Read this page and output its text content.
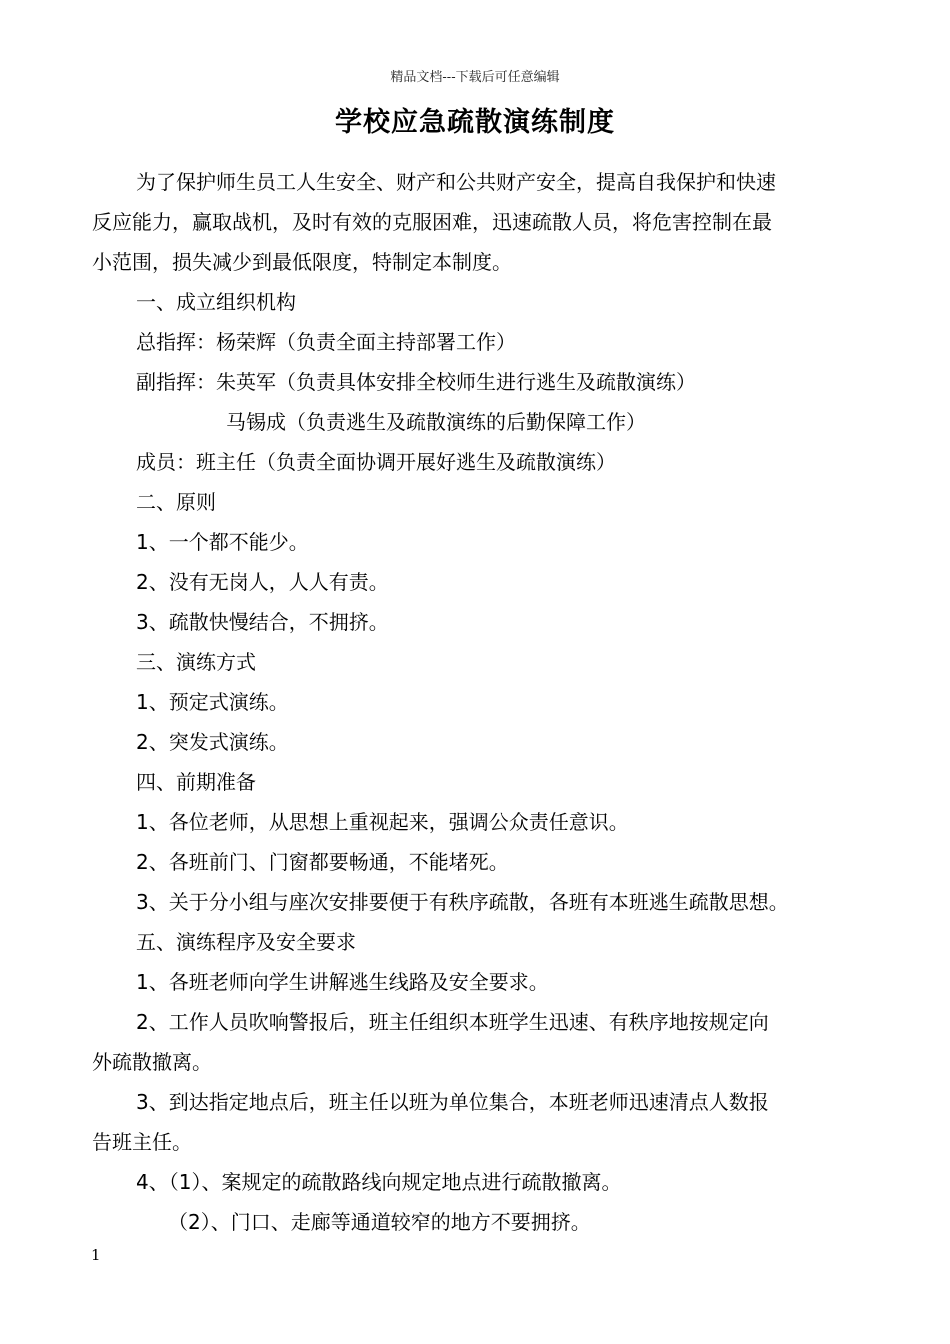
精品文档---下载后可任意编辑
学校应急疏散演练制度
为了保护师生员工人生安全、财产和公共财产安全，提高自我保护和快速
反应能力，赢取战机，及时有效的克服困难，迅速疏散人员，将危害控制在最
小范围，损失减少到最低限度，特制定本制度。
一、成立组织机构
总指挥：杨荣辉（负责全面主持部署工作）
副指挥：朱英军（负责具体安排全校师生进行逃生及疏散演练）
马锡成（负责逃生及疏散演练的后勤保障工作）
成员：班主任（负责全面协调开展好逃生及疏散演练）
二、原则
1、一个都不能少。
2、没有无岗人，人人有责。
3、疏散快慢结合，不拥挤。
三、演练方式
1、预定式演练。
2、突发式演练。
四、前期准备
1、各位老师，从思想上重视起来，强调公众责任意识。
2、各班前门、门窗都要畅通，不能堵死。
3、关于分小组与座次安排要便于有秩序疏散，各班有本班逃生疏散思想。
五、演练程序及安全要求
1、各班老师向学生讲解逃生线路及安全要求。
2、工作人员吹响警报后，班主任组织本班学生迅速、有秩序地按规定向
外疏散撤离。
3、到达指定地点后，班主任以班为单位集合，本班老师迅速清点人数报
告班主任。
4、（1）、案规定的疏散路线向规定地点进行疏散撤离。
（2）、门口、走廊等通道较窄的地方不要拥挤。
1
